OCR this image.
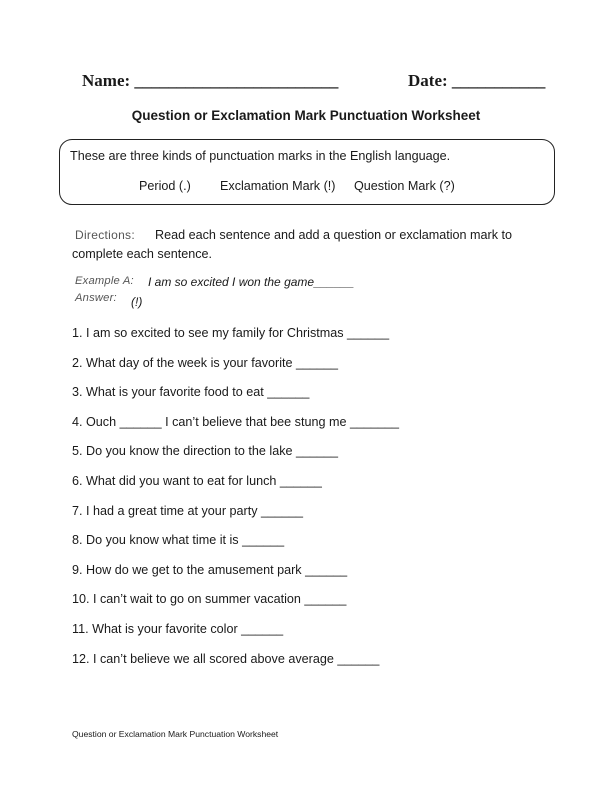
Name: ________________________	Date: ___________
Question or Exclamation Mark Punctuation Worksheet
These are three kinds of punctuation marks in the English language.
Period (.) Exclamation Mark (!) Question Mark (?)
Directions: Read each sentence and add a question or exclamation mark to
complete each sentence.
Example A: I am so excited I won the game______
Answer: (!)
1. I am so excited to see my family for Christmas ______
2. What day of the week is your favorite ______
3. What is your favorite food to eat ______
4. Ouch ______ I can’t believe that bee stung me _______
5. Do you know the direction to the lake ______
6. What did you want to eat for lunch ______
7. I had a great time at your party ______
8. Do you know what time it is ______
9. How do we get to the amusement park ______
10. I can’t wait to go on summer vacation ______
11. What is your favorite color ______
12. I can’t believe we all scored above average ______
Question or Exclamation Mark Punctuation Worksheet
